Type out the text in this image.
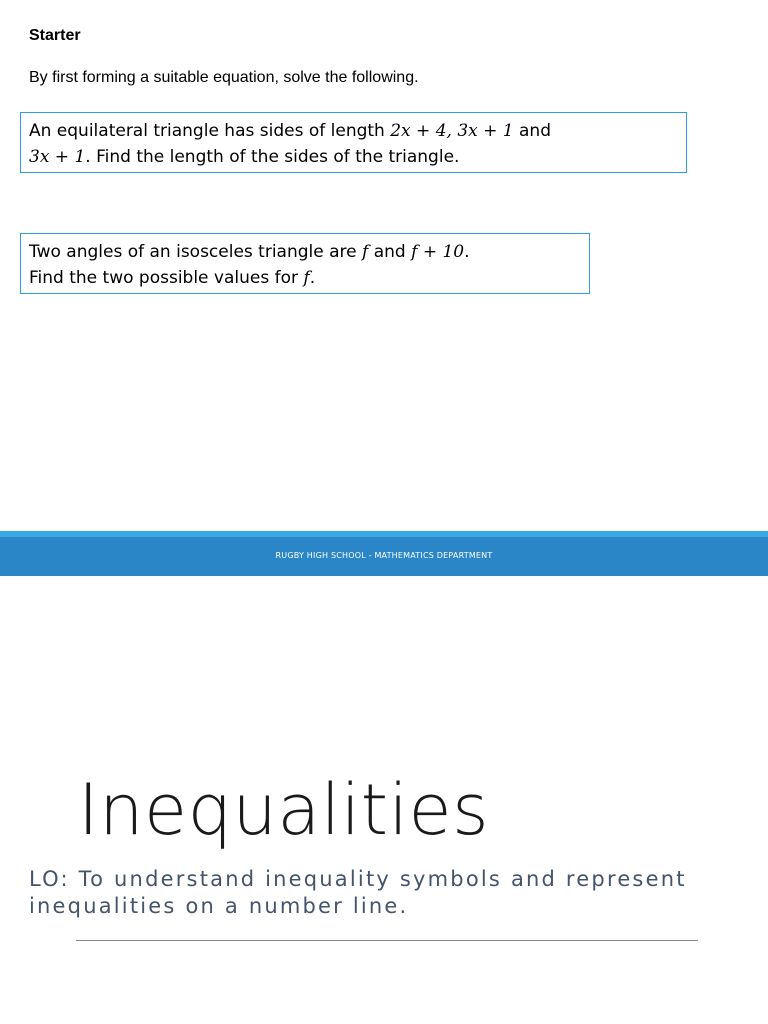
Starter
By first forming a suitable equation, solve the following.
An equilateral triangle has sides of length 2x + 4, 3x + 1 and
3x + 1. Find the length of the sides of the triangle.
Two angles of an isosceles triangle are f and f + 10.
Find the two possible values for f.
RUGBY HIGH SCHOOL - MATHEMATICS DEPARTMENT
Inequalities
LO: To understand inequality symbols and represent inequalities on a number line.
